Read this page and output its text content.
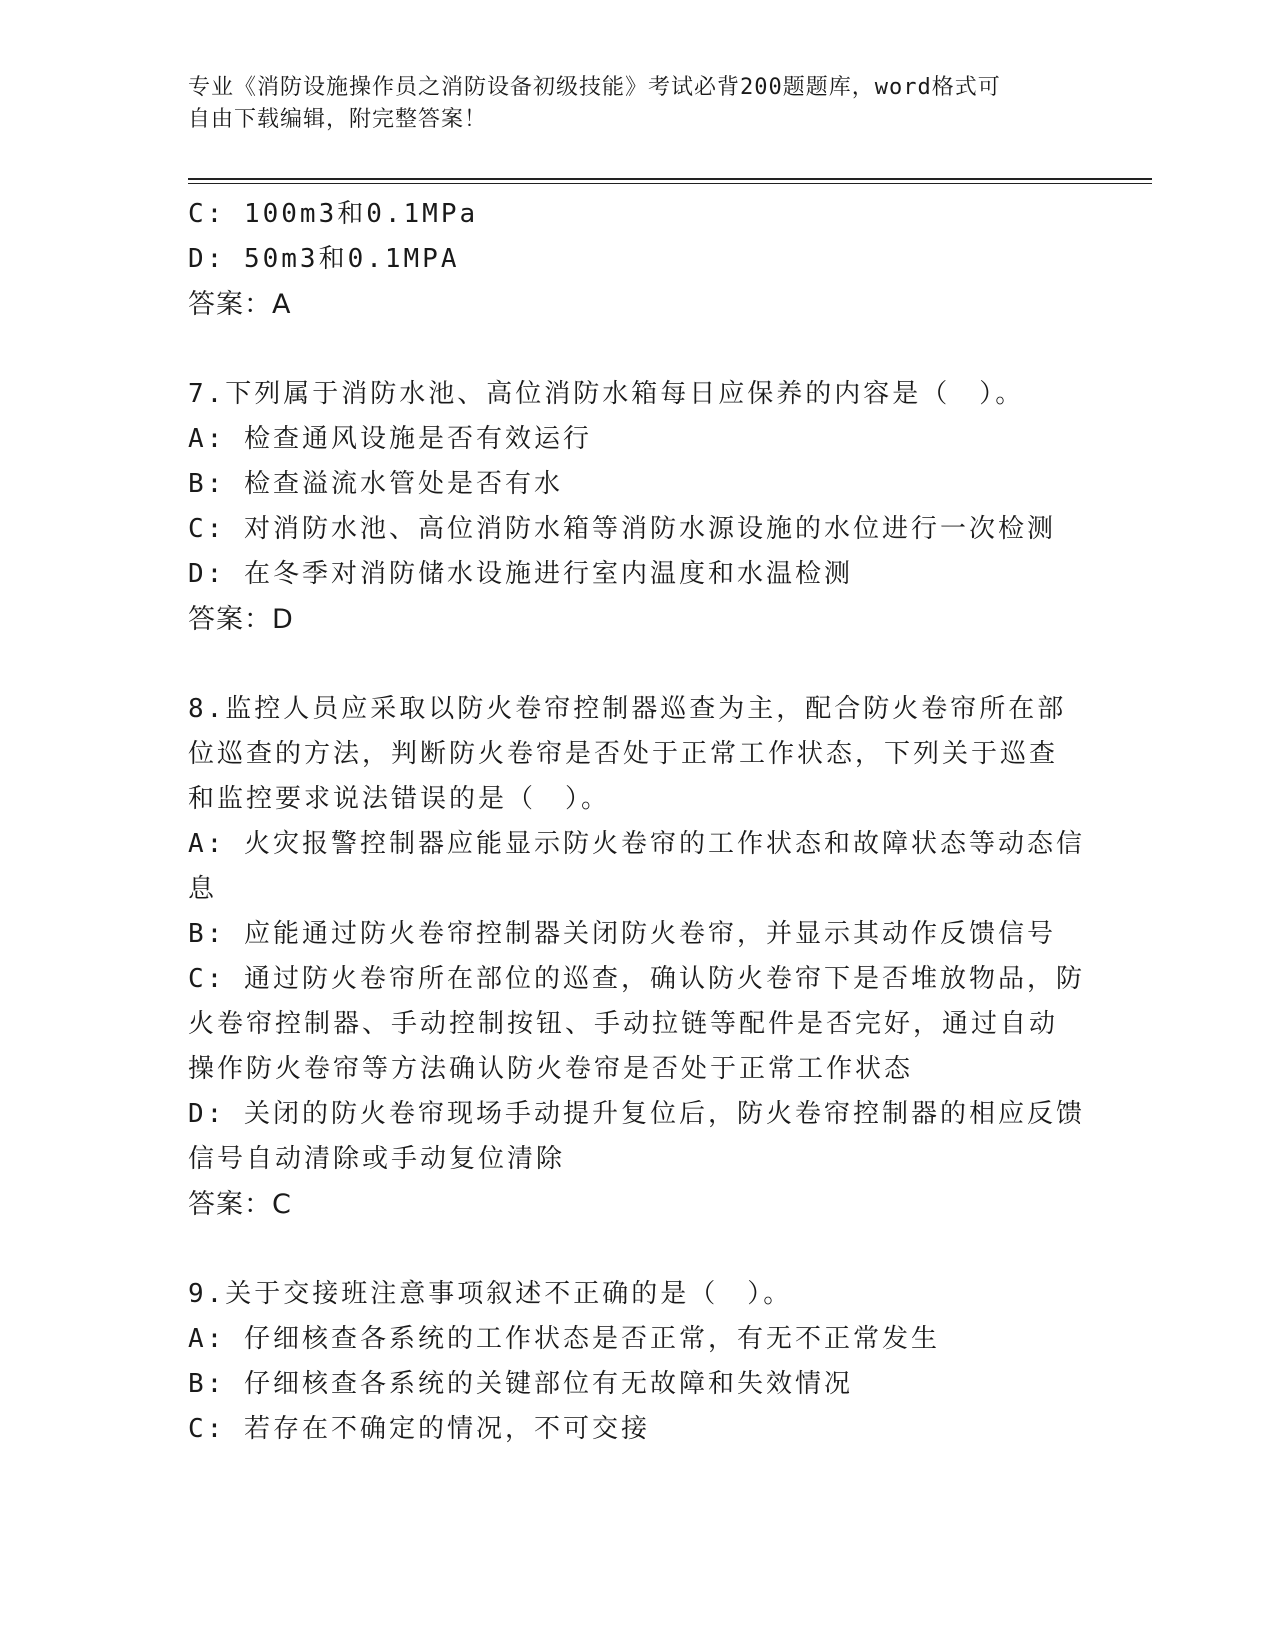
专业《消防设施操作员之消防设备初级技能》考试必背200题题库，word格式可
自由下载编辑，附完整答案！
C: 100m3和0.1MPa
D: 50m3和0.1MPA
答案：A
7.下列属于消防水池、高位消防水箱每日应保养的内容是（　）。
A: 检查通风设施是否有效运行
B: 检查溢流水管处是否有水
C: 对消防水池、高位消防水箱等消防水源设施的水位进行一次检测
D: 在冬季对消防储水设施进行室内温度和水温检测
答案：D
8.监控人员应采取以防火卷帘控制器巡查为主，配合防火卷帘所在部
位巡查的方法，判断防火卷帘是否处于正常工作状态，下列关于巡查
和监控要求说法错误的是（　）。
A: 火灾报警控制器应能显示防火卷帘的工作状态和故障状态等动态信
息
B: 应能通过防火卷帘控制器关闭防火卷帘，并显示其动作反馈信号
C: 通过防火卷帘所在部位的巡查，确认防火卷帘下是否堆放物品，防
火卷帘控制器、手动控制按钮、手动拉链等配件是否完好，通过自动
操作防火卷帘等方法确认防火卷帘是否处于正常工作状态
D: 关闭的防火卷帘现场手动提升复位后，防火卷帘控制器的相应反馈
信号自动清除或手动复位清除
答案：C
9.关于交接班注意事项叙述不正确的是（　）。
A: 仔细核查各系统的工作状态是否正常，有无不正常发生
B: 仔细核查各系统的关键部位有无故障和失效情况
C: 若存在不确定的情况，不可交接
